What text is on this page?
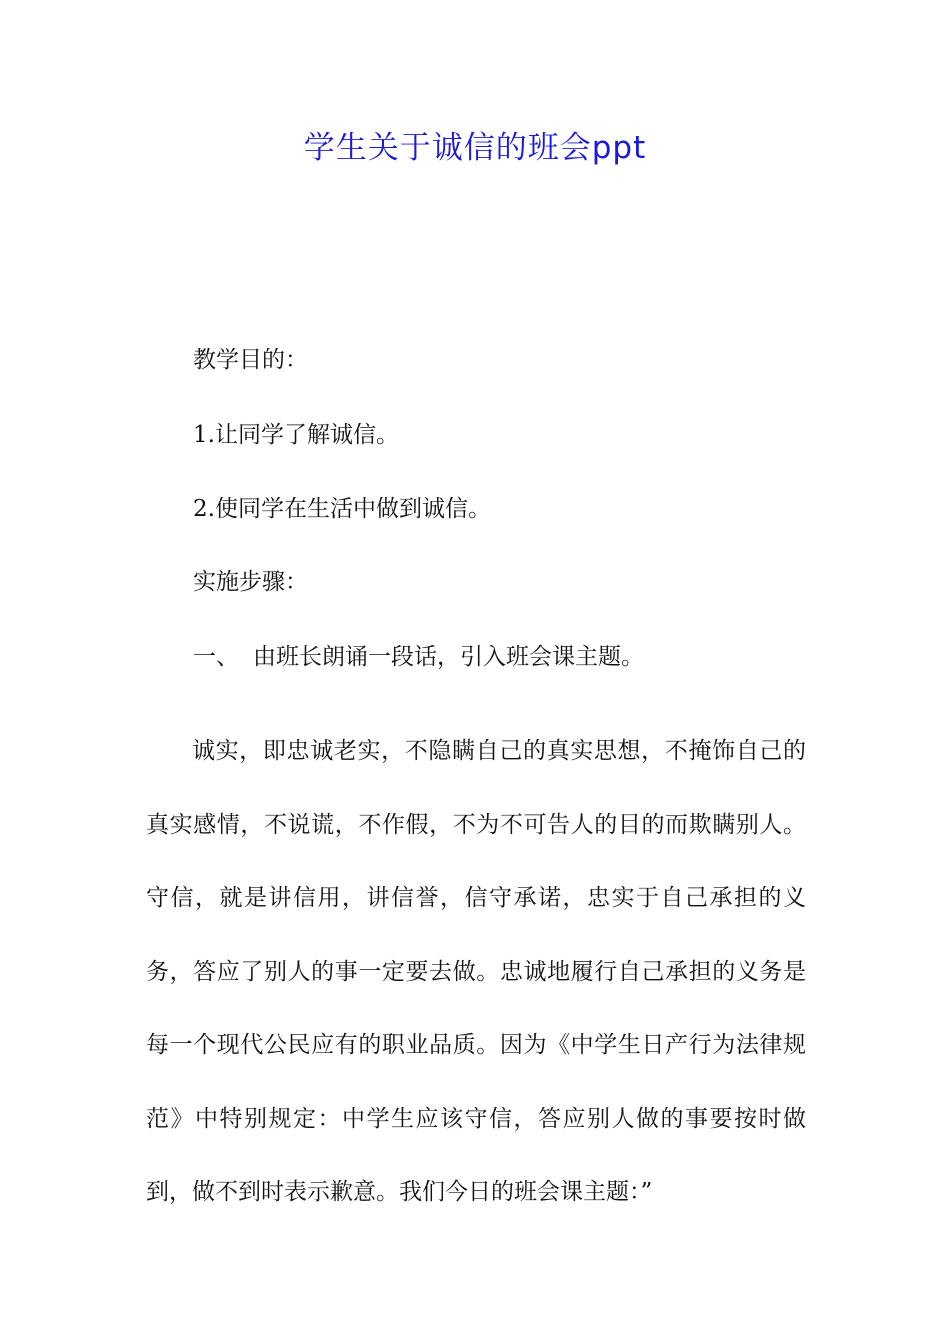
学生关于诚信的班会ppt
教学目的：
1.让同学了解诚信。
2.使同学在生活中做到诚信。
实施步骤：
一、 由班长朗诵一段话，引入班会课主题。

诚实，即忠诚老实，不隐瞒自己的真实思想，不掩饰自己的真实感情，不说谎，不作假，不为不可告人的目的而欺瞒别人。守信，就是讲信用，讲信誉，信守承诺，忠实于自己承担的义务，答应了别人的事一定要去做。忠诚地履行自己承担的义务是每一个现代公民应有的职业品质。因为《中学生日产行为法律规范》中特别规定：中学生应该守信，答应别人做的事要按时做到，做不到时表示歉意。我们今日的班会课主题：”
